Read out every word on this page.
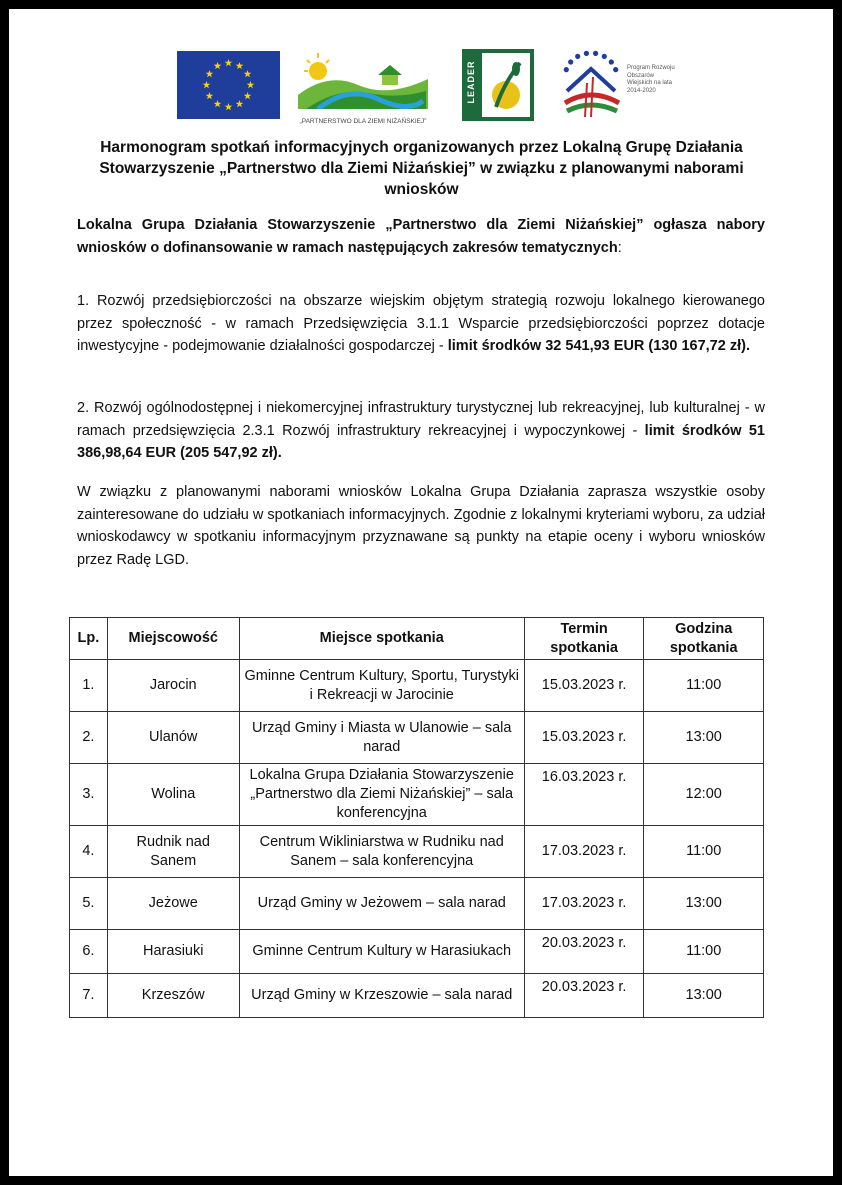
„PARTNERSTWO DLA ZIEMI NIŻAŃSKIEJ”
LEADER	Program Rozwoju Obszarów Wiejskich na lata 2014-2020
Harmonogram spotkań informacyjnych organizowanych przez Lokalną Grupę Działania Stowarzyszenie „Partnerstwo dla Ziemi Niżańskiej” w związku z planowanymi naborami wniosków
Lokalna Grupa Działania Stowarzyszenie „Partnerstwo dla Ziemi Niżańskiej” ogłasza nabory wniosków o dofinansowanie w ramach następujących zakresów tematycznych:
1. Rozwój przedsiębiorczości na obszarze wiejskim objętym strategią rozwoju lokalnego kierowanego przez społeczność - w ramach Przedsięwzięcia 3.1.1 Wsparcie przedsiębiorczości poprzez dotacje inwestycyjne - podejmowanie działalności gospodarczej - limit środków 32 541,93 EUR (130 167,72 zł).
2. Rozwój ogólnodostępnej i niekomercyjnej infrastruktury turystycznej lub rekreacyjnej, lub kulturalnej - w ramach przedsięwzięcia 2.3.1 Rozwój infrastruktury rekreacyjnej i wypoczynkowej - limit środków 51 386,98,64 EUR (205 547,92 zł).
W związku z planowanymi naborami wniosków Lokalna Grupa Działania zaprasza wszystkie osoby zainteresowane do udziału w spotkaniach informacyjnych. Zgodnie z lokalnymi kryteriami wyboru, za udział wnioskodawcy w spotkaniu informacyjnym przyznawane są punkty na etapie oceny i wyboru wniosków przez Radę LGD.
Lp.	Miejscowość	Miejsce spotkania	Termin spotkania	Godzina spotkania
1.	Jarocin	Gminne Centrum Kultury, Sportu, Turystyki i Rekreacji w Jarocinie	15.03.2023 r.	11:00
2.	Ulanów	Urząd Gminy i Miasta w Ulanowie – sala narad	15.03.2023 r.	13:00
3.	Wolina	Lokalna Grupa Działania Stowarzyszenie „Partnerstwo dla Ziemi Niżańskiej” – sala konferencyjna	16.03.2023 r.	12:00
4.	Rudnik nad Sanem	Centrum Wikliniarstwa w Rudniku nad Sanem – sala konferencyjna	17.03.2023 r.	11:00
5.	Jeżowe	Urząd Gminy w Jeżowem – sala narad	17.03.2023 r.	13:00
6.	Harasiuki	Gminne Centrum Kultury w Harasiukach	20.03.2023 r.	11:00
7.	Krzeszów	Urząd Gminy w Krzeszowie – sala narad	20.03.2023 r.	13:00
